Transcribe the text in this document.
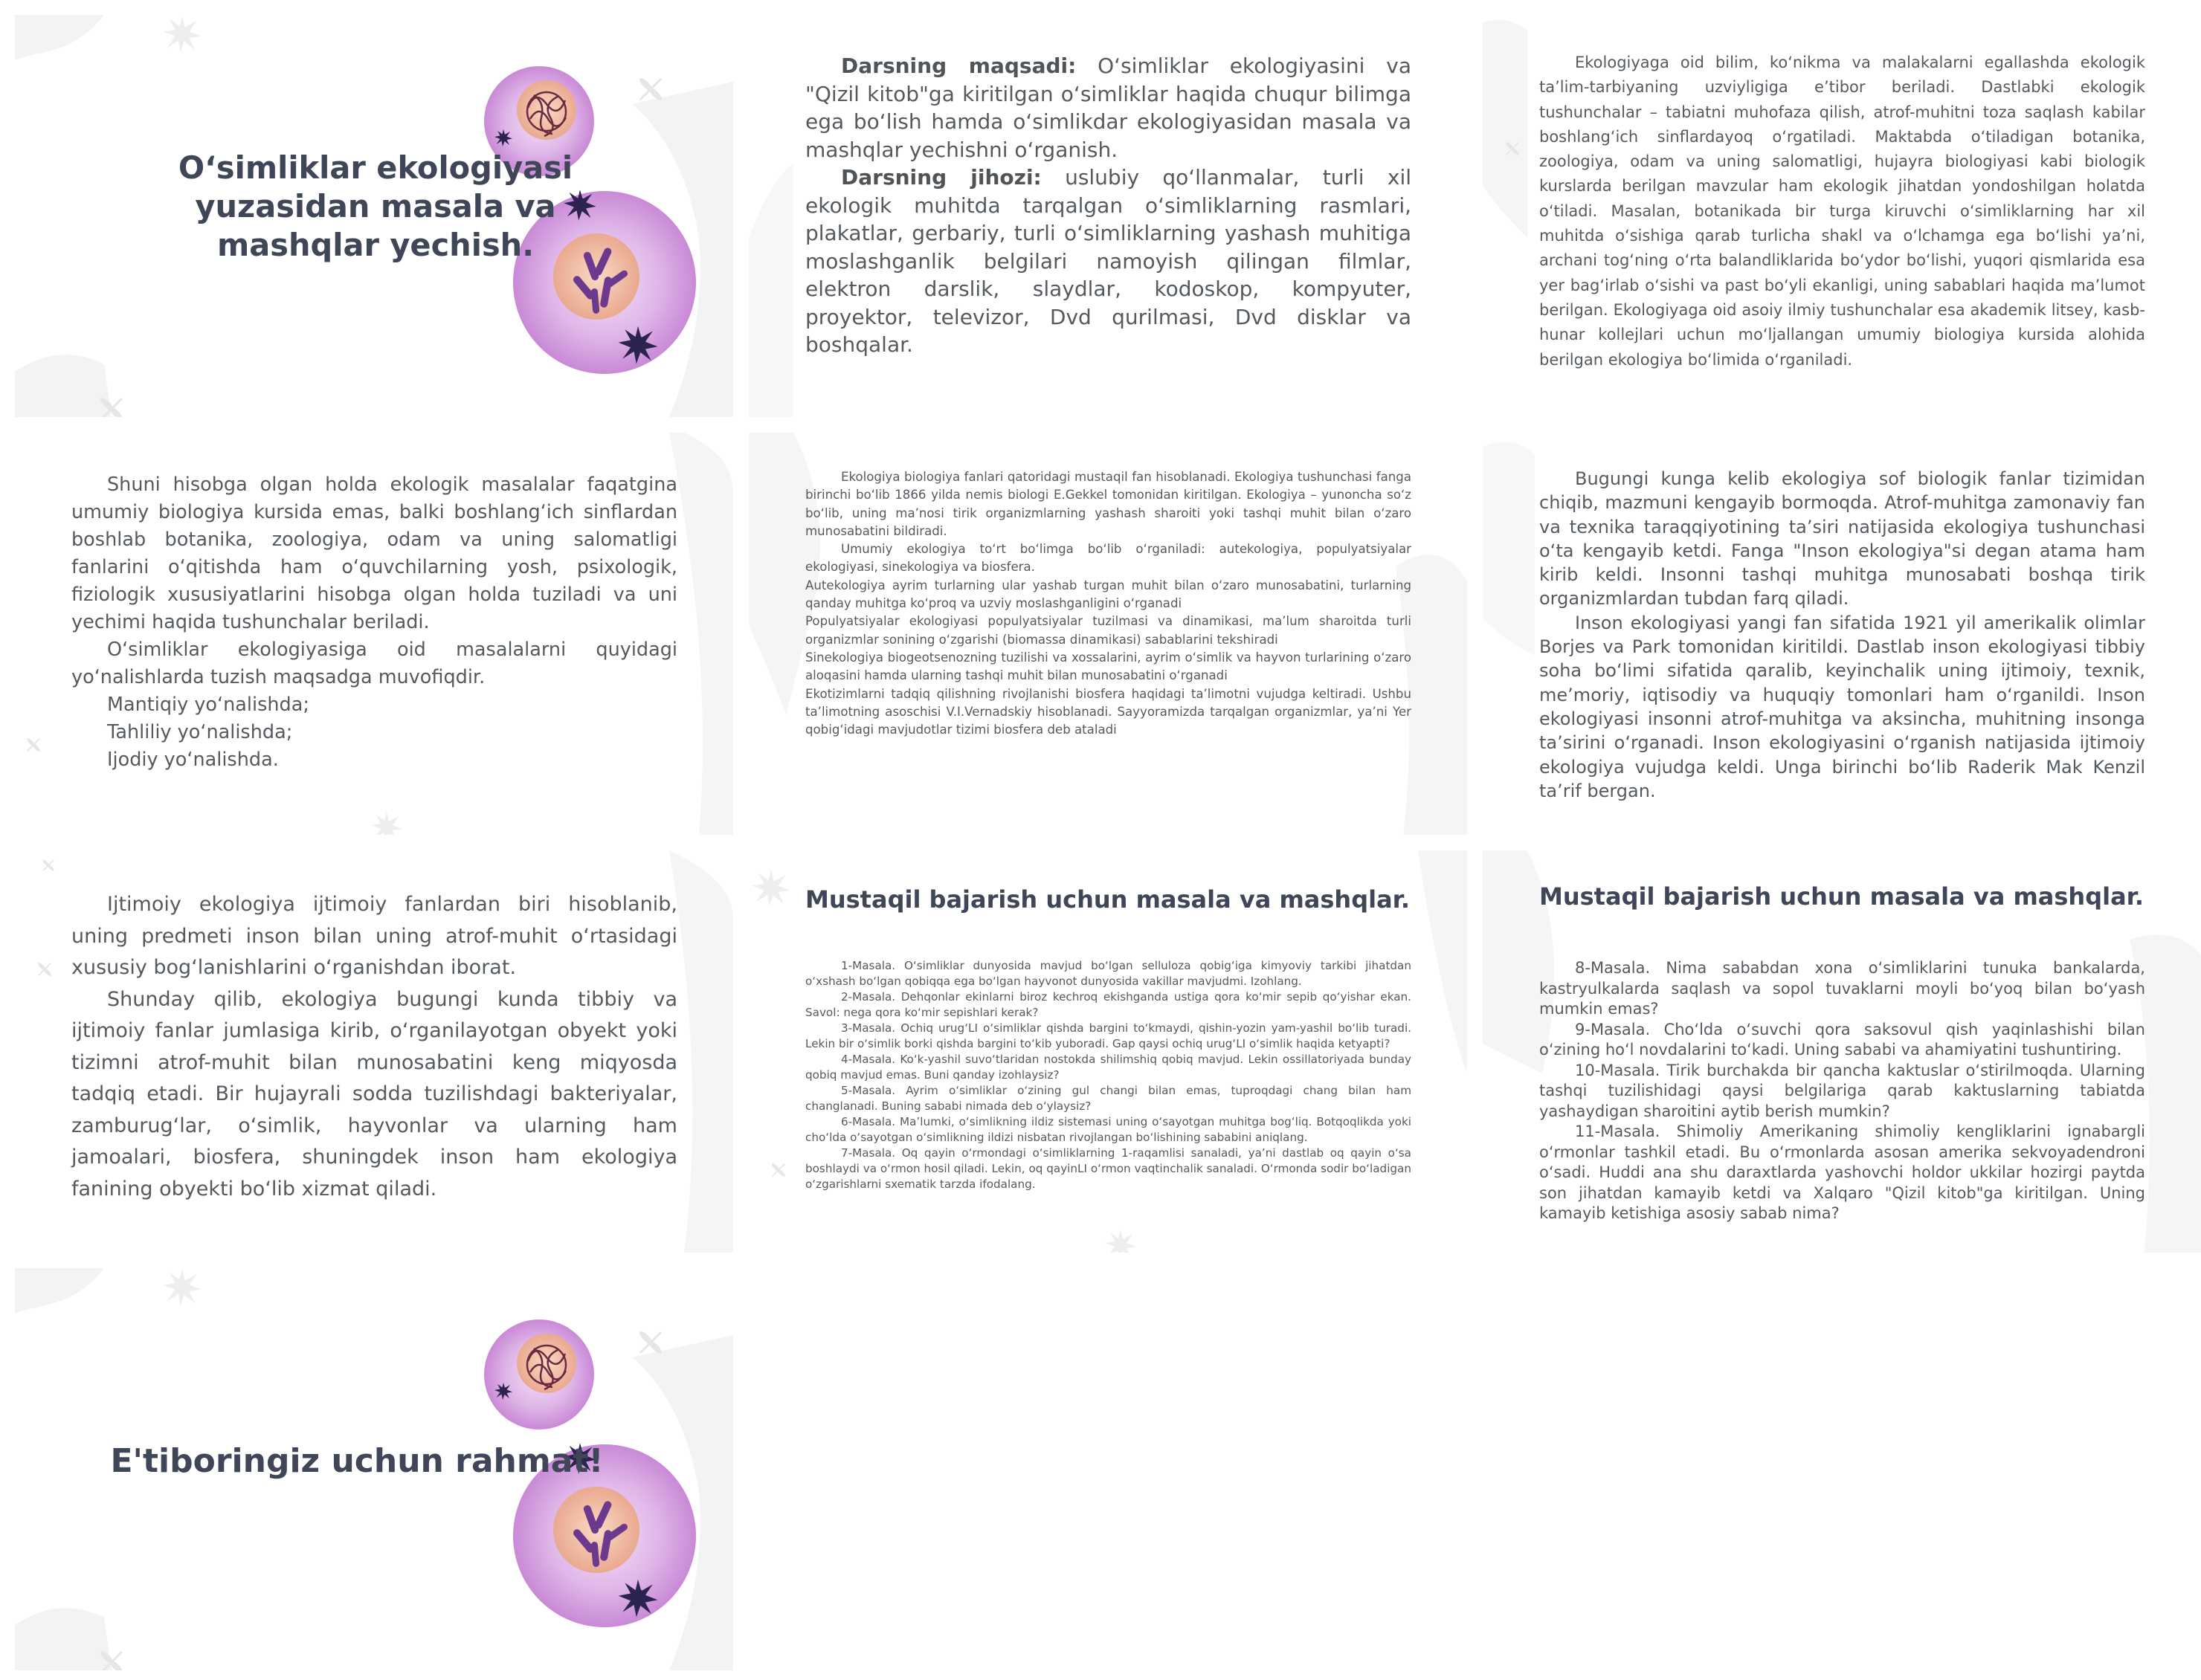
O‘simliklar ekologiyasi yuzasidan masala va mashqlar yechish.

Darsning maqsadi: O‘simliklar ekologiyasini va "Qizil kitob"ga kiritilgan o‘simliklar haqida chuqur bilimga ega bo‘lish hamda o‘simlikdar ekologiyasidan masala va mashqlar yechishni o‘rganish.

Darsning jihozi: uslubiy qo‘llanmalar, turli xil ekologik muhitda tarqalgan o‘simliklarning rasmlari, plakatlar, gerbariy, turli o‘simliklarning yashash muhitiga moslashganlik belgilari namoyish qilingan filmlar, elektron darslik, slaydlar, kodoskop, kompyuter, proyektor, televizor, Dvd qurilmasi, Dvd disklar va boshqalar.

Ekologiyaga oid bilim, ko‘nikma va malakalarni egallashda ekologik ta’lim-tarbiyaning uzviyligiga e’tibor beriladi. Dastlabki ekologik tushunchalar – tabiatni muhofaza qilish, atrof-muhitni toza saqlash kabilar boshlang‘ich sinflardayoq o‘rgatiladi. Maktabda o‘tiladigan botanika, zoologiya, odam va uning salomatligi, hujayra biologiyasi kabi biologik kurslarda berilgan mavzular ham ekologik jihatdan yondoshilgan holatda o‘tiladi. Masalan, botanikada bir turga kiruvchi o‘simliklarning har xil muhitda o‘sishiga qarab turlicha shakl va o‘lchamga ega bo‘lishi ya’ni, archani tog‘ning o‘rta balandliklarida bo‘ydor bo‘lishi, yuqori qismlarida esa yer bag‘irlab o‘sishi va past bo‘yli ekanligi, uning sabablari haqida ma’lumot berilgan. Ekologiyaga oid asoiy ilmiy tushunchalar esa akademik litsey, kasb-hunar kollejlari uchun mo‘ljallangan umumiy biologiya kursida alohida berilgan ekologiya bo‘limida o‘rganiladi.

Shuni hisobga olgan holda ekologik masalalar faqatgina umumiy biologiya kursida emas, balki boshlang‘ich sinflardan boshlab botanika, zoologiya, odam va uning salomatligi fanlarini o‘qitishda ham o‘quvchilarning yosh, psixologik, fiziologik xususiyatlarini hisobga olgan holda tuziladi va uni yechimi haqida tushunchalar beriladi.

O‘simliklar ekologiyasiga oid masalalarni quyidagi yo‘nalishlarda tuzish maqsadga muvofiqdir.

Mantiqiy yo‘nalishda;

Tahliliy yo‘nalishda;

Ijodiy yo‘nalishda.

Ekologiya biologiya fanlari qatoridagi mustaqil fan hisoblanadi. Ekologiya tushunchasi fanga birinchi bo‘lib 1866 yilda nemis biologi E.Gekkel tomonidan kiritilgan. Ekologiya – yunoncha so‘z bo‘lib, uning ma’nosi tirik organizmlarning yashash sharoiti yoki tashqi muhit bilan o‘zaro munosabatini bildiradi.

Umumiy ekologiya to‘rt bo‘limga bo‘lib o‘rganiladi: autekologiya, populyatsiyalar ekologiyasi, sinekologiya va biosfera.

Autekologiya ayrim turlarning ular yashab turgan muhit bilan o‘zaro munosabatini, turlarning qanday muhitga ko‘proq va uzviy moslashganligini o‘rganadi

Populyatsiyalar ekologiyasi populyatsiyalar tuzilmasi va dinamikasi, ma’lum sharoitda turli organizmlar sonining o‘zgarishi (biomassa dinamikasi) sabablarini tekshiradi

Sinekologiya biogeotsenozning tuzilishi va xossalarini, ayrim o‘simlik va hayvon turlarining o‘zaro aloqasini hamda ularning tashqi muhit bilan munosabatini o‘rganadi

Ekotizimlarni tadqiq qilishning rivojlanishi biosfera haqidagi ta’limotni vujudga keltiradi. Ushbu ta’limotning asoschisi V.I.Vernadskiy hisoblanadi. Sayyoramizda tarqalgan organizmlar, ya’ni Yer qobig‘idagi mavjudotlar tizimi biosfera deb ataladi

Bugungi kunga kelib ekologiya sof biologik fanlar tizimidan chiqib, mazmuni kengayib bormoqda. Atrof-muhitga zamonaviy fan va texnika taraqqiyotining ta’siri natijasida ekologiya tushunchasi o‘ta kengayib ketdi. Fanga "Inson ekologiya"si degan atama ham kirib keldi. Insonni tashqi muhitga munosabati boshqa tirik organizmlardan tubdan farq qiladi.

Inson ekologiyasi yangi fan sifatida 1921 yil amerikalik olimlar Borjes va Park tomonidan kiritildi. Dastlab inson ekologiyasi tibbiy soha bo‘limi sifatida qaralib, keyinchalik uning ijtimoiy, texnik, me’moriy, iqtisodiy va huquqiy tomonlari ham o‘rganildi. Inson ekologiyasi insonni atrof-muhitga va aksincha, muhitning insonga ta’sirini o‘rganadi. Inson ekologiyasini o‘rganish natijasida ijtimoiy ekologiya vujudga keldi. Unga birinchi bo‘lib Raderik Mak Kenzil ta’rif bergan.

Ijtimoiy ekologiya ijtimoiy fanlardan biri hisoblanib, uning predmeti inson bilan uning atrof-muhit o‘rtasidagi xususiy bog‘lanishlarini o‘rganishdan iborat.

Shunday qilib, ekologiya bugungi kunda tibbiy va ijtimoiy fanlar jumlasiga kirib, o‘rganilayotgan obyekt yoki tizimni atrof-muhit bilan munosabatini keng miqyosda tadqiq etadi. Bir hujayrali sodda tuzilishdagi bakteriyalar, zamburug‘lar, o‘simlik, hayvonlar va ularning ham jamoalari, biosfera, shuningdek inson ham ekologiya fanining obyekti bo‘lib xizmat qiladi.

Mustaqil bajarish uchun masala va mashqlar.

1-Masala. O‘simliklar dunyosida mavjud bo‘lgan selluloza qobig‘iga kimyoviy tarkibi jihatdan o‘xshash bo‘lgan qobiqqa ega bo‘lgan hayvonot dunyosida vakillar mavjudmi. Izohlang.

2-Masala. Dehqonlar ekinlarni biroz kechroq ekishganda ustiga qora ko‘mir sepib qo‘yishar ekan. Savol: nega qora ko‘mir sepishlari kerak?

3-Masala. Ochiq urug‘LI o‘simliklar qishda bargini to‘kmaydi, qishin-yozin yam-yashil bo‘lib turadi. Lekin bir o‘simlik borki qishda bargini to‘kib yuboradi. Gap qaysi ochiq urug‘LI o‘simlik haqida ketyapti?

4-Masala. Ko‘k-yashil suvo‘tlaridan nostokda shilimshiq qobiq mavjud. Lekin ossillatoriyada bunday qobiq mavjud emas. Buni qanday izohlaysiz?

5-Masala. Ayrim o‘simliklar o‘zining gul changi bilan emas, tuproqdagi chang bilan ham changlanadi. Buning sababi nimada deb o‘ylaysiz?

6-Masala. Ma’lumki, o‘simlikning ildiz sistemasi uning o‘sayotgan muhitga bog‘liq. Botqoqlikda yoki cho‘lda o‘sayotgan o‘simlikning ildizi nisbatan rivojlangan bo‘lishining sababini aniqlang.

7-Masala. Oq qayin o‘rmondagi o‘simliklarning 1-raqamlisi sanaladi, ya’ni dastlab oq qayin o‘sa boshlaydi va o‘rmon hosil qiladi. Lekin, oq qayinLI o‘rmon vaqtinchalik sanaladi. O‘rmonda sodir bo‘ladigan o‘zgarishlarni sxematik tarzda ifodalang.

Mustaqil bajarish uchun masala va mashqlar.

8-Masala. Nima sababdan xona o‘simliklarini tunuka bankalarda, kastryulkalarda saqlash va sopol tuvaklarni moyli bo‘yoq bilan bo‘yash mumkin emas?

9-Masala. Cho‘lda o‘suvchi qora saksovul qish yaqinlashishi bilan o‘zining ho‘l novdalarini to‘kadi. Uning sababi va ahamiyatini tushuntiring.

10-Masala. Tirik burchakda bir qancha kaktuslar o‘stirilmoqda. Ularning tashqi tuzilishidagi qaysi belgilariga qarab kaktuslarning tabiatda yashaydigan sharoitini aytib berish mumkin?

11-Masala. Shimoliy Amerikaning shimoliy kengliklarini ignabargli o‘rmonlar tashkil etadi. Bu o‘rmonlarda asosan amerika sekvoyadendroni o‘sadi. Huddi ana shu daraxtlarda yashovchi holdor ukkilar hozirgi paytda son jihatdan kamayib ketdi va Xalqaro "Qizil kitob"ga kiritilgan. Uning kamayib ketishiga asosiy sabab nima?

E'tiboringiz uchun rahmat!
